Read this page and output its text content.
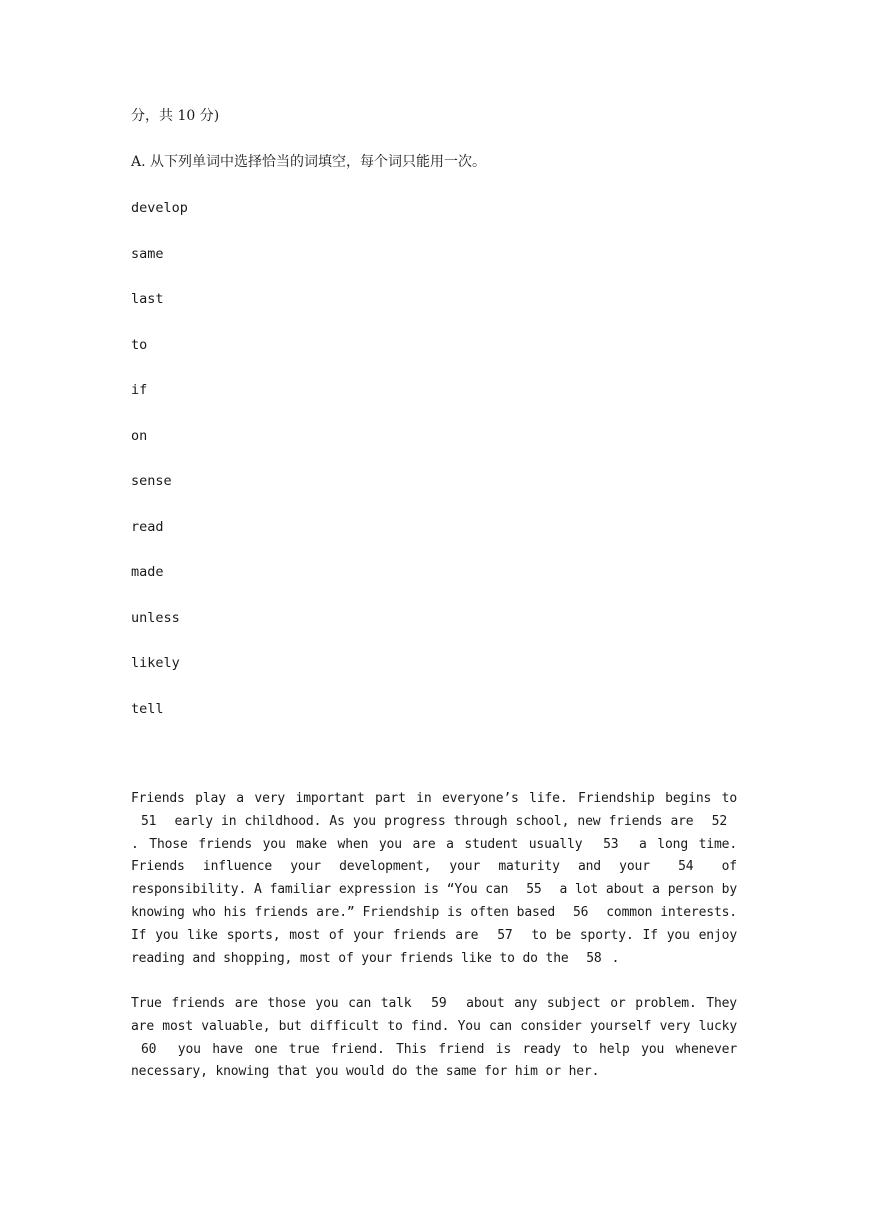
分，共 10 分)
A. 从下列单词中选择恰当的词填空，每个词只能用一次。
develop
same
last
to
if
on
sense
read
made
unless
likely
tell
Friends play a very important part in everyone’s life. Friendship begins to 51 early in childhood. As you progress through school, new friends are 52. Those friends you make when you are a student usually 53 a long time. Friends influence your development, your maturity and your 54 of responsibility. A familiar expression is “You can 55 a lot about a person by knowing who his friends are.” Friendship is often based 56 common interests. If you like sports, most of your friends are 57 to be sporty. If you enjoy reading and shopping, most of your friends like to do the 58 .
True friends are those you can talk 59 about any subject or problem. They are most valuable, but difficult to find. You can consider yourself very lucky 60 you have one true friend. This friend is ready to help you whenever necessary, knowing that you would do the same for him or her.
